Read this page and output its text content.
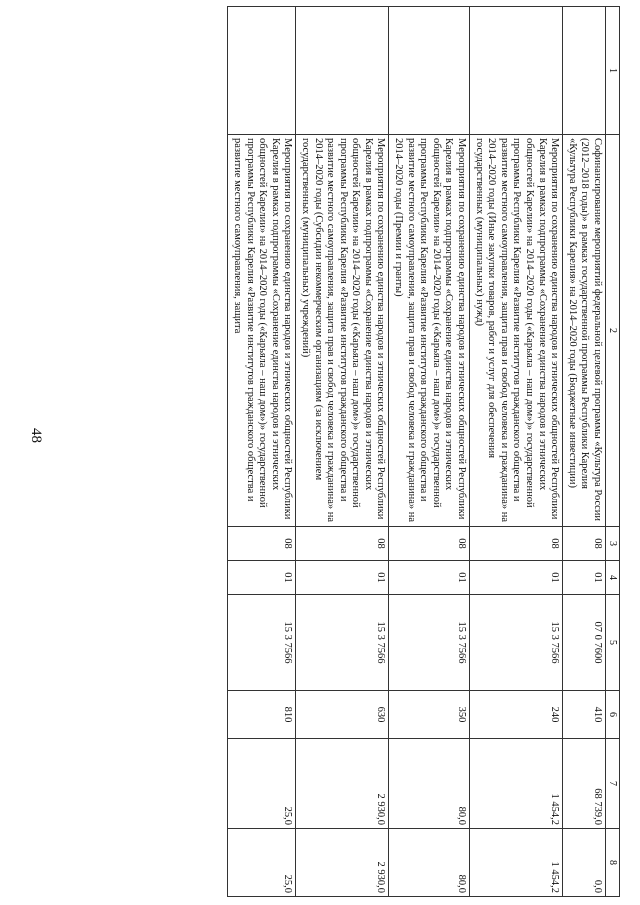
48
1	2	3	4	5	6	7	8
	Софинансирование мероприятий федеральной целевой программы «Культура России (2012–2018 годы)» в рамках государственной программы Республики Карелия «Культура Республики Карелия» на 2014–2020 годы (Бюджетные инвестиции)	08	01	07 0 7600	410	68 739,0	0,0
	Мероприятия по сохранению единства народов и этнических общностей Республики Карелия в рамках подпрограммы «Сохранение единства народов и этнических общностей Карелии» на 2014–2020 годы («Карьяла – наш дом»)» государственной программы Республики Карелия «Развитие институтов гражданского общества и развитие местного самоуправления, защита прав и свобод человека и гражданина» на 2014–2020 годы (Иные закупки товаров, работ и услуг для обеспечения государственных (муниципальных) нужд)	08	01	15 3 7566	240	1 454,2	1 454,2
	Мероприятия по сохранению единства народов и этнических общностей Республики Карелия в рамках подпрограммы «Сохранение единства народов и этнических общностей Карелии» на 2014–2020 годы («Карьяла – наш дом»)» государственной программы Республики Карелия «Развитие институтов гражданского общества и развитие местного самоуправления, защита прав и свобод человека и гражданина» на 2014–2020 годы (Премии и гранты)	08	01	15 3 7566	350	80,0	80,0
	Мероприятия по сохранению единства народов и этнических общностей Республики Карелия в рамках подпрограммы «Сохранение единства народов и этнических общностей Карелии» на 2014–2020 годы («Карьяла – наш дом»)» государственной программы Республики Карелия «Развитие институтов гражданского общества и развитие местного самоуправления, защита прав и свобод человека и гражданина» на 2014–2020 годы (Субсидии некоммерческим организациям (за исключением государственных (муниципальных) учреждений)	08	01	15 3 7566	630	2 930,0	2 930,0
	Мероприятия по сохранению единства народов и этнических общностей Республики Карелия в рамках подпрограммы «Сохранение единства народов и этнических общностей Карелии» на 2014–2020 годы («Карьяла – наш дом»)» государственной программы Республики Карелия «Развитие институтов гражданского общества и развитие местного самоуправления, защита	08	01	15 3 7566	810	25,0	25,0
